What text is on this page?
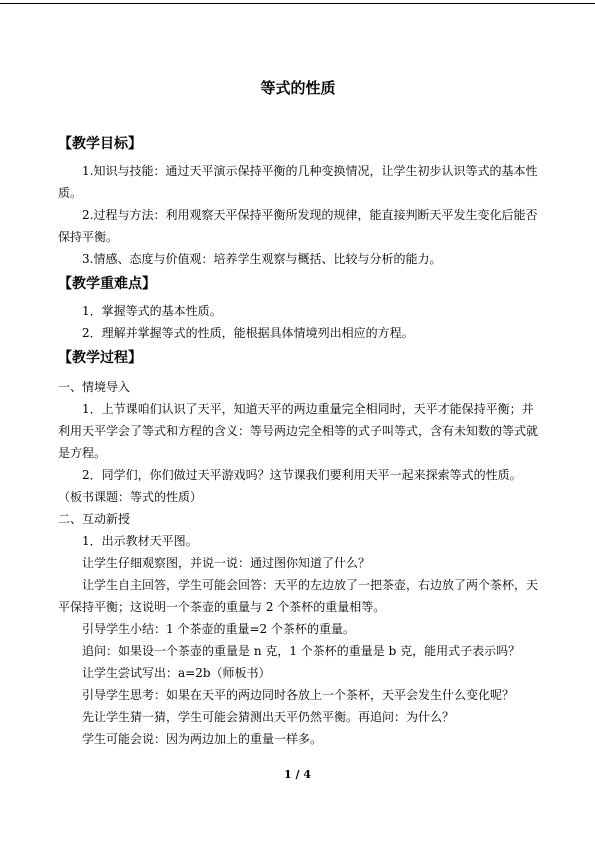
等式的性质
【教学目标】
1.知识与技能：通过天平演示保持平衡的几种变换情况，让学生初步认识等式的基本性质。
2.过程与方法：利用观察天平保持平衡所发现的规律，能直接判断天平发生变化后能否保持平衡。
3.情感、态度与价值观：培养学生观察与概括、比较与分析的能力。
【教学重难点】
1．掌握等式的基本性质。
2．理解并掌握等式的性质，能根据具体情境列出相应的方程。
【教学过程】
一、情境导入
1．上节课咱们认识了天平，知道天平的两边重量完全相同时，天平才能保持平衡；并利用天平学会了等式和方程的含义：等号两边完全相等的式子叫等式，含有未知数的等式就是方程。
2．同学们，你们做过天平游戏吗？这节课我们要利用天平一起来探索等式的性质。（板书课题：等式的性质）
二、互动新授
1．出示教材天平图。
让学生仔细观察图，并说一说：通过图你知道了什么？
让学生自主回答，学生可能会回答：天平的左边放了一把茶壶，右边放了两个茶杯，天平保持平衡；这说明一个茶壶的重量与 2 个茶杯的重量相等。
引导学生小结：1 个茶壶的重量=2 个茶杯的重量。
追问：如果设一个茶壶的重量是 n 克，1 个茶杯的重量是 b 克，能用式子表示吗？
让学生尝试写出：a=2b（师板书）
引导学生思考：如果在天平的两边同时各放上一个茶杯，天平会发生什么变化呢？
先让学生猜一猜，学生可能会猜测出天平仍然平衡。再追问：为什么？
学生可能会说：因为两边加上的重量一样多。
1 / 4
